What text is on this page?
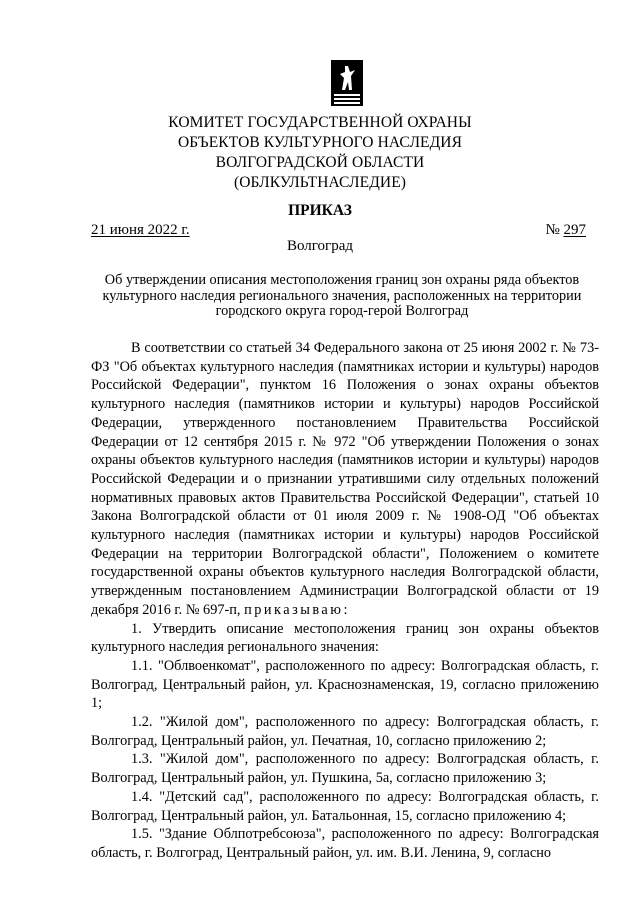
КОМИТЕТ ГОСУДАРСТВЕННОЙ ОХРАНЫ
ОБЪЕКТОВ КУЛЬТУРНОГО НАСЛЕДИЯ
ВОЛГОГРАДСКОЙ ОБЛАСТИ
(ОБЛКУЛЬТНАСЛЕДИЕ)
ПРИКАЗ
21 июня 2022 г.	№ 297
Волгоград
Об утверждении описания местоположения границ зон охраны ряда объектов культурного наследия регионального значения, расположенных на территории городского округа город-герой Волгоград

В соответствии со статьей 34 Федерального закона от 25 июня 2002 г. № 73-ФЗ "Об объектах культурного наследия (памятниках истории и культуры) народов Российской Федерации", пунктом 16 Положения о зонах охраны объектов культурного наследия (памятников истории и культуры) народов Российской Федерации, утвержденного постановлением Правительства Российской Федерации от 12 сентября 2015 г. № 972 "Об утверждении Положения о зонах охраны объектов культурного наследия (памятников истории и культуры) народов Российской Федерации и о признании утратившими силу отдельных положений нормативных правовых актов Правительства Российской Федерации", статьей 10 Закона Волгоградской области от 01 июля 2009 г. № 1908-ОД "Об объектах культурного наследия (памятниках истории и культуры) народов Российской Федерации на территории Волгоградской области", Положением о комитете государственной охраны объектов культурного наследия Волгоградской области, утвержденным постановлением Администрации Волгоградской области от 19 декабря 2016 г. № 697-п, приказываю:

1. Утвердить описание местоположения границ зон охраны объектов культурного наследия регионального значения:

1.1. "Облвоенкомат", расположенного по адресу: Волгоградская область, г. Волгоград, Центральный район, ул. Краснознаменская, 19, согласно приложению 1;

1.2. "Жилой дом", расположенного по адресу: Волгоградская область, г. Волгоград, Центральный район, ул. Печатная, 10, согласно приложению 2;

1.3. "Жилой дом", расположенного по адресу: Волгоградская область, г. Волгоград, Центральный район, ул. Пушкина, 5а, согласно приложению 3;

1.4. "Детский сад", расположенного по адресу: Волгоградская область, г. Волгоград, Центральный район, ул. Батальонная, 15, согласно приложению 4;

1.5. "Здание Облпотребсоюза", расположенного по адресу: Волгоградская область, г. Волгоград, Центральный район, ул. им. В.И. Ленина, 9, согласно
